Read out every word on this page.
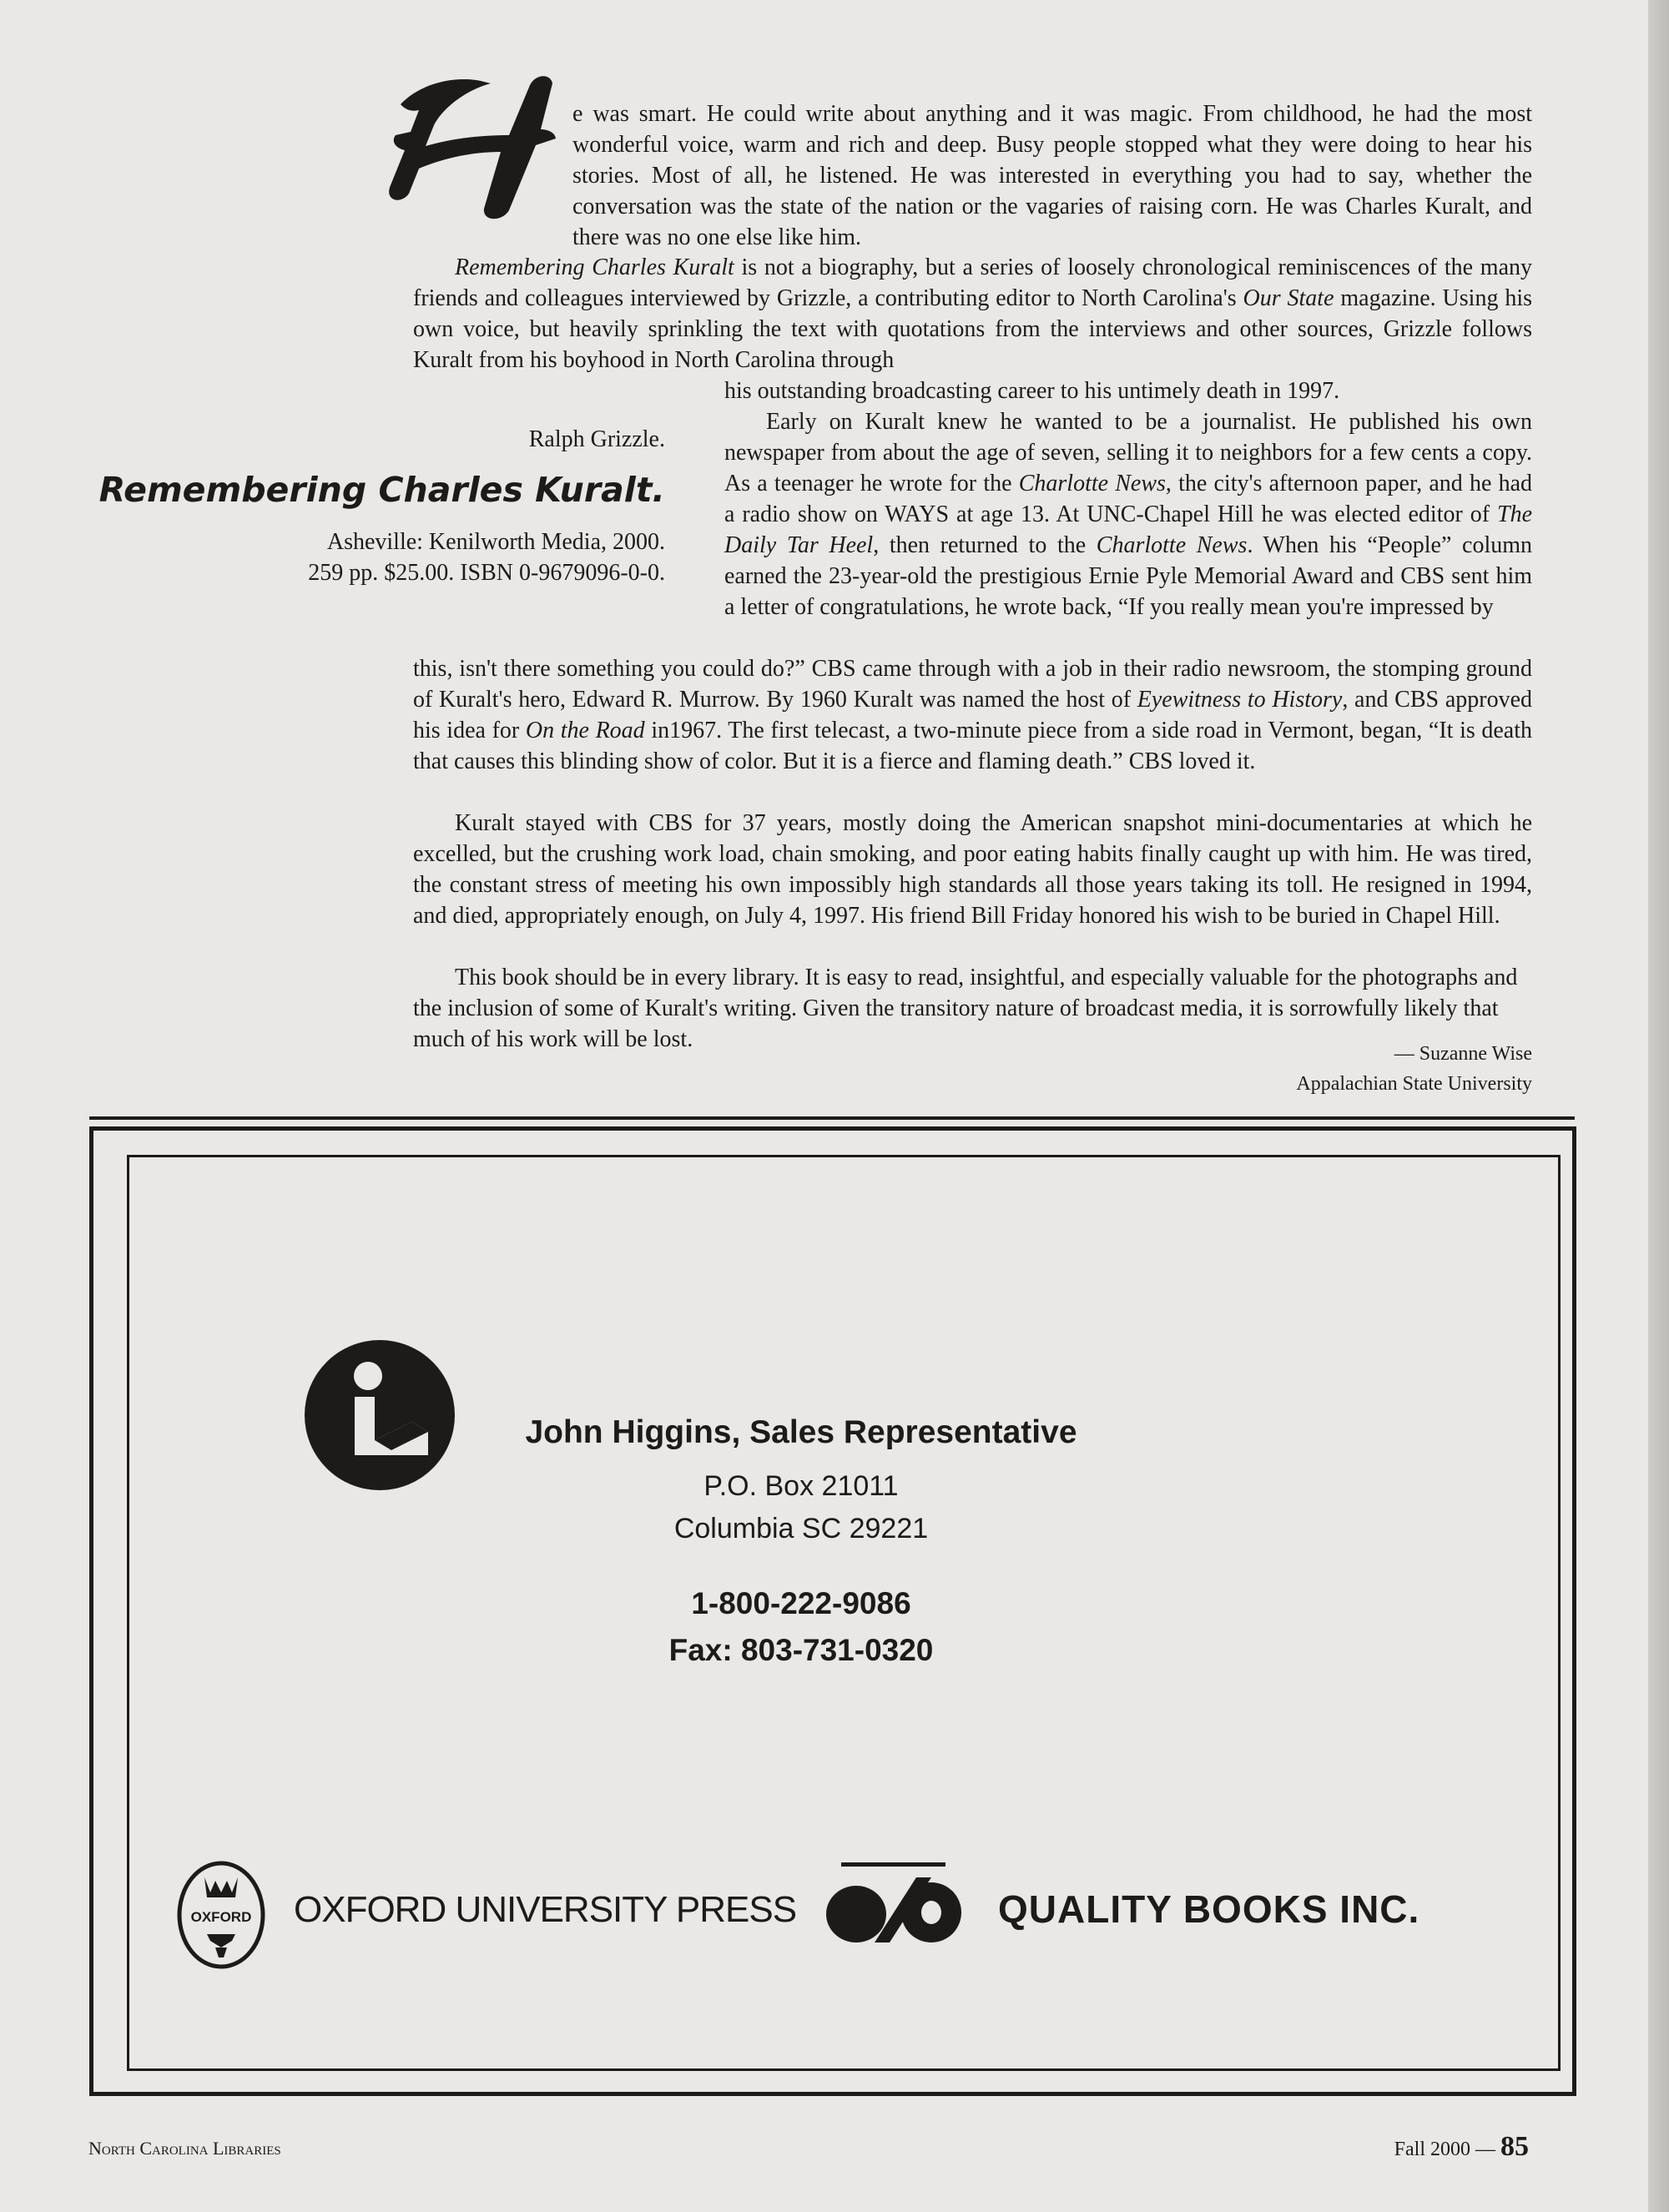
e was smart. He could write about anything and it was magic. From childhood, he had the most wonderful voice, warm and rich and deep. Busy people stopped what they were doing to hear his stories. Most of all, he listened. He was interested in everything you had to say, whether the conversation was the state of the nation or the vagaries of raising corn. He was Charles Kuralt, and there was no one else like him.

Remembering Charles Kuralt is not a biography, but a series of loosely chronological reminiscences of the many friends and colleagues interviewed by Grizzle, a contributing editor to North Carolina's Our State magazine. Using his own voice, but heavily sprinkling the text with quotations from the interviews and other sources, Grizzle follows Kuralt from his boyhood in North Carolina through

his outstanding broadcasting career to his untimely death in 1997.

Early on Kuralt knew he wanted to be a journalist. He published his own newspaper from about the age of seven, selling it to neighbors for a few cents a copy. As a teenager he wrote for the Charlotte News, the city's afternoon paper, and he had a radio show on WAYS at age 13. At UNC-Chapel Hill he was elected editor of The Daily Tar Heel, then returned to the Charlotte News. When his “People” column earned the 23-year-old the prestigious Ernie Pyle Memorial Award and CBS sent him a letter of congratulations, he wrote back, “If you really mean you're impressed by

this, isn't there something you could do?” CBS came through with a job in their radio newsroom, the stomping ground of Kuralt's hero, Edward R. Murrow. By 1960 Kuralt was named the host of Eyewitness to History, and CBS approved his idea for On the Road in1967. The first telecast, a two-minute piece from a side road in Vermont, began, “It is death that causes this blinding show of color. But it is a fierce and flaming death.” CBS loved it.

Kuralt stayed with CBS for 37 years, mostly doing the American snapshot mini-documentaries at which he excelled, but the crushing work load, chain smoking, and poor eating habits finally caught up with him. He was tired, the constant stress of meeting his own impossibly high standards all those years taking its toll. He resigned in 1994, and died, appropriately enough, on July 4, 1997. His friend Bill Friday honored his wish to be buried in Chapel Hill.

This book should be in every library. It is easy to read, insightful, and especially valuable for the photographs and the inclusion of some of Kuralt's writing. Given the transitory nature of broadcast media, it is sorrowfully likely that much of his work will be lost.

Ralph Grizzle.
Remembering Charles Kuralt.
Asheville: Kenilworth Media, 2000.
259 pp. $25.00. ISBN 0-9679096-0-0.
— Suzanne Wise
Appalachian State University
John Higgins, Sales Representative
P.O. Box 21011
Columbia SC 29221
1-800-222-9086
Fax: 803-731-0320
OXFORD OXFORD UNIVERSITY PRESS	QUALITY BOOKS INC.
North Carolina Libraries	Fall 2000 — 85
